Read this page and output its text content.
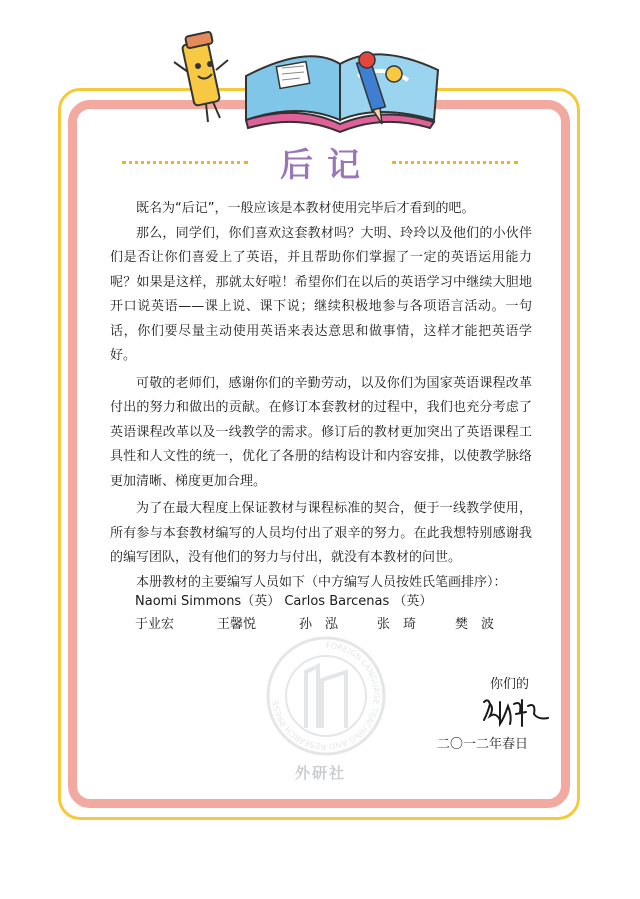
后记

既名为“后记”，一般应该是本教材使用完毕后才看到的吧。

那么，同学们，你们喜欢这套教材吗？大明、玲玲以及他们的小伙伴们是否让你们喜爱上了英语，并且帮助你们掌握了一定的英语运用能力呢？如果是这样，那就太好啦！希望你们在以后的英语学习中继续大胆地开口说英语——课上说、课下说；继续积极地参与各项语言活动。一句话，你们要尽量主动使用英语来表达意思和做事情，这样才能把英语学好。

可敬的老师们，感谢你们的辛勤劳动，以及你们为国家英语课程改革付出的努力和做出的贡献。在修订本套教材的过程中，我们也充分考虑了英语课程改革以及一线教学的需求。修订后的教材更加突出了英语课程工具性和人文性的统一，优化了各册的结构设计和内容安排，以使教学脉络更加清晰、梯度更加合理。

为了在最大程度上保证教材与课程标准的契合，便于一线教学使用，所有参与本套教材编写的人员均付出了艰辛的努力。在此我想特别感谢我的编写团队，没有他们的努力与付出，就没有本教材的问世。

本册教材的主要编写人员如下（中方编写人员按姓氏笔画排序）：

Naomi Simmons（英） Carlos Barcenas （英）
于业宏	王馨悦	孙　泓	张　琦	樊　波
FOREIGN LANGUAGE TEACHING AND RESEARCH PRESS
外研社
你们的
二〇一二年春日
